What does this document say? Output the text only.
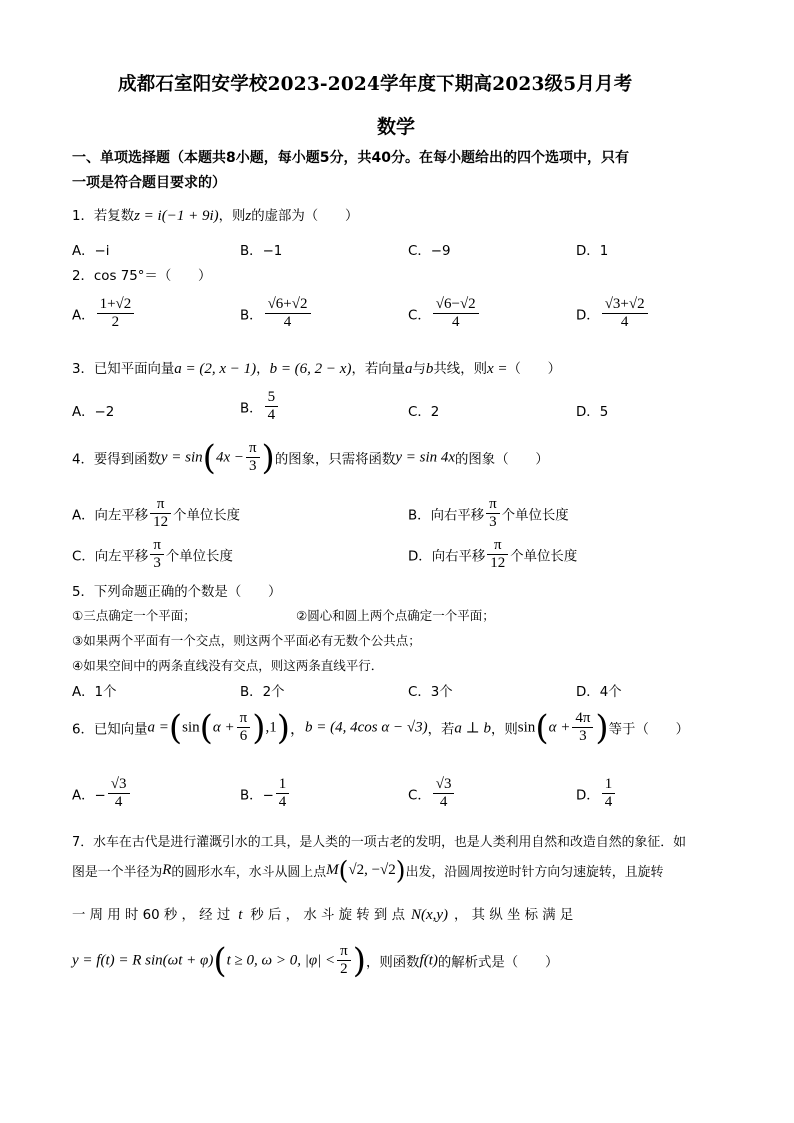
成都石室阳安学校2023-2024学年度下期高2023级5月月考
数学
一、单项选择题（本题共8小题，每小题5分，共40分。在每小题给出的四个选项中，只有
一项是符合题目要求的）
1．若复数z = i(−1 + 9i)，则z的虚部为（　　）
A．−i	B．−1	C．−9	D．1
2．cos 75°＝（　　）
A． $\frac{1+√2}{2}$	B． $\frac{√6+√2}{4}$	C． $\frac{√6-√2}{4}$	D． $\frac{√3+√2}{4}$
3．已知平面向量a = (2, x − 1)，b = (6, 2 − x)，若向量a与b共线，则x =（　　）
A．−2	B． $\frac{5}{4}$	C．2	D．5
4．要得到函数$y = \sin(4x - \frac{\pi}{3}$ )的图象，只需将函数y = sin 4x的图象（　　）
A．向左平移 $\frac{\pi}{12}$ 个单位长度	B．向右平移 $\frac{\pi}{3}$ 个单位长度
C．向左平移 $\frac{\pi}{3}$ 个单位长度	D．向右平移 $\frac{\pi}{12}$ 个单位长度
5．下列命题正确的个数是（　　）
①三点确定一个平面；	②圆心和圆上两个点确定一个平面；
③如果两个平面有一个交点，则这两个平面必有无数个公共点；
④如果空间中的两条直线没有交点，则这两条直线平行．
A．1个	B．2个	C．3个	D．4个
6．已知向量$a =(\sin(\alpha + \frac{\pi}{6} ),1)$，b = (4, 4cos α − √3)，若a ⊥ b，则$\sin(\alpha + \frac{4\pi}{3}$ )等于（　　）
A．− $\frac{√3}{4}$	B．− $\frac{1}{4}$	C． $\frac{√3}{4}$	D． $\frac{1}{4}$
7．水车在古代是进行灌溉引水的工具，是人类的一项古老的发明，也是人类利用自然和改造自然的象征．如
图是一个半径为R的圆形水车，水斗从圆上点M(√2, −√2)出发，沿圆周按逆时针方向匀速旋转，且旋转
一 周 用 时 60 秒 ， 经 过 t 秒 后 ， 水 斗 旋 转 到 点 N(x,y) ， 其 纵 坐 标 满 足
y = f(t) = R sin(ωt + φ)(t ≥ 0, ω > 0, $|\varphi| < \frac{\pi}{2}$ )，则函数f(t)的解析式是（　　）
